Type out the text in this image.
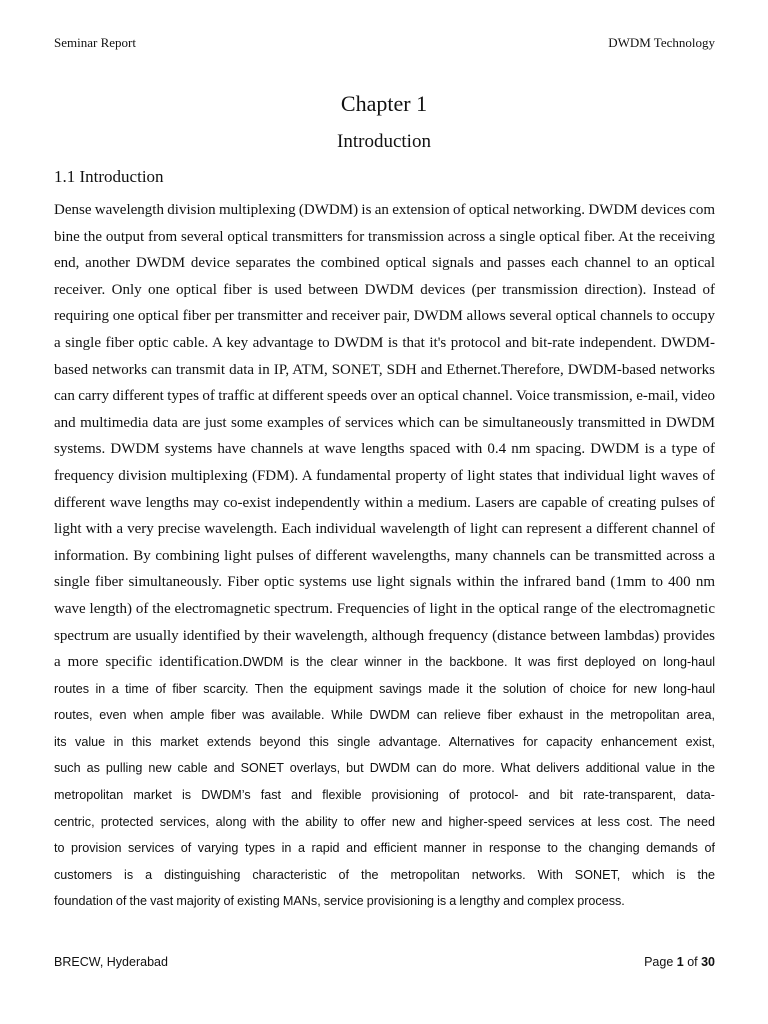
Seminar Report	DWDM Technology
Chapter 1
Introduction
1.1 Introduction
Dense wavelength division multiplexing (DWDM) is an extension of optical networking. DWDM devices com
bine the output from several optical transmitters for transmission across a single optical fiber. At the receiving
end, another DWDM device separates the combined optical signals and passes each channel to an optical
receiver. Only one optical fiber is used between DWDM devices (per transmission direction). Instead of
requiring one optical fiber per transmitter and receiver pair, DWDM allows several optical channels to occupy
a single fiber optic cable. A key advantage to DWDM is that it's protocol and bit-rate independent. DWDM-
based networks can transmit data in IP, ATM, SONET, SDH and Ethernet.Therefore, DWDM-based networks
can carry different types of traffic at different speeds over an optical channel. Voice transmission, e-mail, video
and multimedia data are just some examples of services which can be simultaneously transmitted in DWDM
systems. DWDM systems have channels at wave lengths spaced with 0.4 nm spacing. DWDM is a type of
frequency division multiplexing (FDM). A fundamental property of light states that individual light waves of
different wave lengths may co-exist independently within a medium. Lasers are capable of creating pulses of
light with a very precise wavelength. Each individual wavelength of light can represent a different channel of
information. By combining light pulses of different wavelengths, many channels can be transmitted across a
single fiber simultaneously. Fiber optic systems use light signals within the infrared band (1mm to 400 nm
wave length) of the electromagnetic spectrum. Frequencies of light in the optical range of the electromagnetic
spectrum are usually identified by their wavelength, although frequency (distance between lambdas) provides
a more specific identification.DWDM is the clear winner in the backbone. It was first deployed on long-haul
routes in a time of fiber scarcity. Then the equipment savings made it the solution of choice for new long-haul
routes, even when ample fiber was available. While DWDM can relieve fiber exhaust in the metropolitan area,
its value in this market extends beyond this single advantage. Alternatives for capacity enhancement exist,
such as pulling new cable and SONET overlays, but DWDM can do more. What delivers additional value in the
metropolitan market is DWDM’s fast and flexible provisioning of protocol- and bit rate-transparent, data-
centric, protected services, along with the ability to offer new and higher-speed services at less cost. The need
to provision services of varying types in a rapid and efficient manner in response to the changing demands of
customers is a distinguishing characteristic of the metropolitan networks. With SONET, which is the
foundation of the vast majority of existing MANs, service provisioning is a lengthy and complex process.
BRECW, Hyderabad	Page 1 of 30
